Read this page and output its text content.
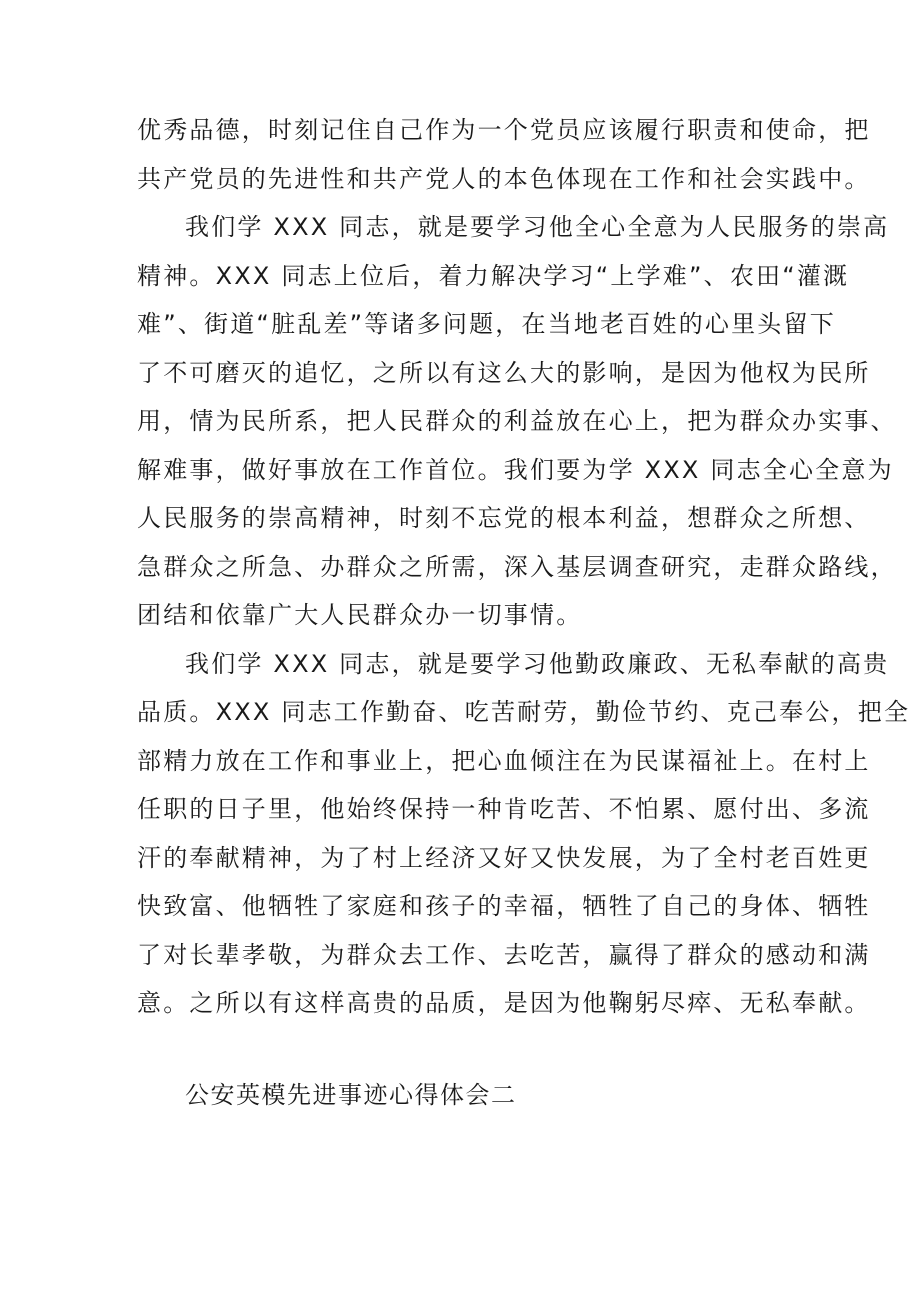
优秀品德，时刻记住自己作为一个党员应该履行职责和使命，把
共产党员的先进性和共产党人的本色体现在工作和社会实践中。
我们学 XXX 同志，就是要学习他全心全意为人民服务的崇高
精神。XXX 同志上位后，着力解决学习“上学难”、农田“灌溉
难”、街道“脏乱差”等诸多问题，在当地老百姓的心里头留下
了不可磨灭的追忆，之所以有这么大的影响，是因为他权为民所
用，情为民所系，把人民群众的利益放在心上，把为群众办实事、
解难事，做好事放在工作首位。我们要为学 XXX 同志全心全意为
人民服务的崇高精神，时刻不忘党的根本利益，想群众之所想、
急群众之所急、办群众之所需，深入基层调查研究，走群众路线，
团结和依靠广大人民群众办一切事情。
我们学 XXX 同志，就是要学习他勤政廉政、无私奉献的高贵
品质。XXX 同志工作勤奋、吃苦耐劳，勤俭节约、克己奉公，把全
部精力放在工作和事业上，把心血倾注在为民谋福祉上。在村上
任职的日子里，他始终保持一种肯吃苦、不怕累、愿付出、多流
汗的奉献精神，为了村上经济又好又快发展，为了全村老百姓更
快致富、他牺牲了家庭和孩子的幸福，牺牲了自己的身体、牺牲
了对长辈孝敬，为群众去工作、去吃苦，赢得了群众的感动和满
意。之所以有这样高贵的品质，是因为他鞠躬尽瘁、无私奉献。
公安英模先进事迹心得体会二
